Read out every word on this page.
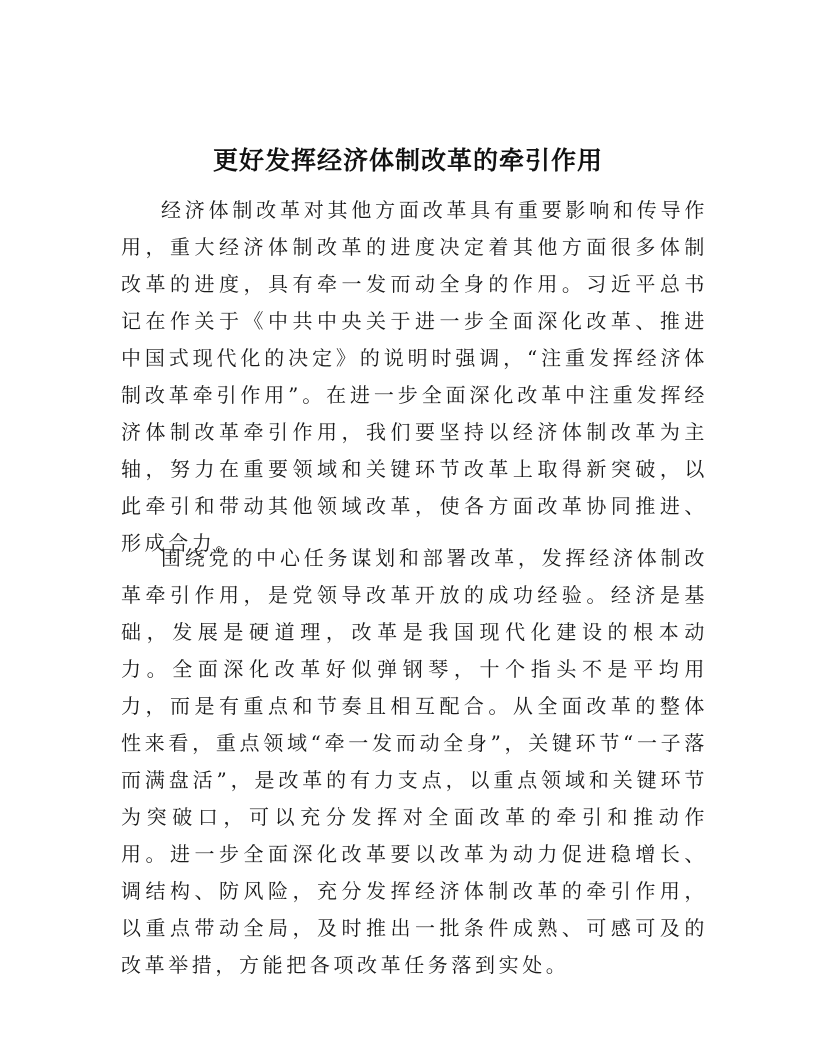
更好发挥经济体制改革的牵引作用

经济体制改革对其他方面改革具有重要影响和传导作用，重大经济体制改革的进度决定着其他方面很多体制改革的进度，具有牵一发而动全身的作用。习近平总书记在作关于《中共中央关于进一步全面深化改革、推进中国式现代化的决定》的说明时强调，“注重发挥经济体制改革牵引作用”。在进一步全面深化改革中注重发挥经济体制改革牵引作用，我们要坚持以经济体制改革为主轴，努力在重要领域和关键环节改革上取得新突破，以此牵引和带动其他领域改革，使各方面改革协同推进、形成合力。

围绕党的中心任务谋划和部署改革，发挥经济体制改革牵引作用，是党领导改革开放的成功经验。经济是基础，发展是硬道理，改革是我国现代化建设的根本动力。全面深化改革好似弹钢琴，十个指头不是平均用力，而是有重点和节奏且相互配合。从全面改革的整体性来看，重点领域“牵一发而动全身”，关键环节“一子落而满盘活”，是改革的有力支点，以重点领域和关键环节为突破口，可以充分发挥对全面改革的牵引和推动作用。进一步全面深化改革要以改革为动力促进稳增长、调结构、防风险，充分发挥经济体制改革的牵引作用，以重点带动全局，及时推出一批条件成熟、可感可及的改革举措，方能把各项改革任务落到实处。
